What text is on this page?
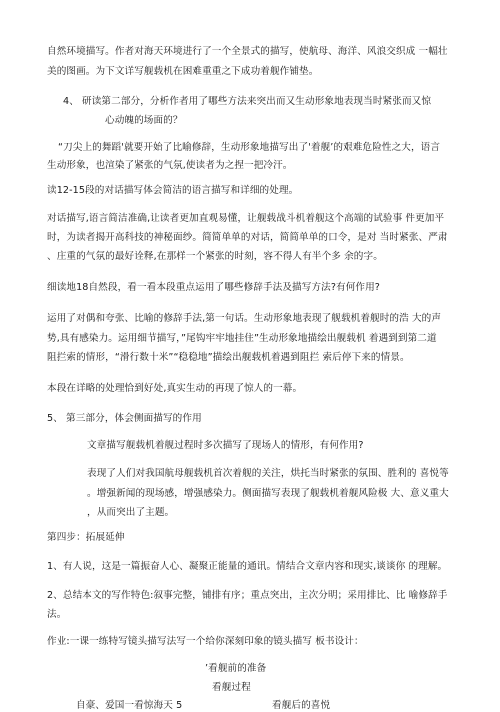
自然环境描写。作者对海天环境进行了一个全景式的描写，使航母、海洋、风浪交织成 一幅壮
美的图画。为下文详写舰载机在困难重重之下成功着舰作铺垫。
4、 研读第二部分，分析作者用了哪些方法来突出而又生动形象地表现当时紧张而又惊
心动魄的场面的？
“刀尖上的舞蹈'就要开始了比喻修辞，生动形象地描写出了'着舰’的艰难危险性之大，语言
生动形象，也渲染了紧张的气氛,使读者为之捏一把冷汗。
读12-15段的对话描写体会简洁的语言描写和详细的处理。
对话描写,语言简洁准确,让读者更加直观易懂，让舰载战斗机着舰这个高端的试验事 件更加平
时，为读者揭开高科技的神秘面纱。简简单单的对话，简简单单的口令，是对 当时紧张、严肃
、庄重的气氛的最好诠释,在那样一个紧张的时刻，容不得人有半个多 余的字。
细读地18自然段，看一看本段重点运用了哪些修辞手法及描写方法?有何作用?
运用了对偶和夸张、比喻的修辞手法,第一句话。生动形象地表现了舰载机着舰时的浩 大的声
势,具有感染力。运用细节描写，”尾钩牢牢地挂住”生动形象地描绘出舰载机 着遇到到第二道
阻拦索的情形，“滑行数十米”“稳稳地”描绘出舰载机着遇到阻拦 索后停下来的情景。
本段在详略的处理恰到好处,真实生动的再现了惊人的一幕。
5、 第三部分，体会侧面描写的作用
文章描写舰载机着舰过程时多次描写了现场人的情形，有何作用?
表现了人们对我国航母舰载机首次着舰的关注，烘托当时紧张的氛围、胜利的 喜悦等
。增强新闻的现场感，增强感染力。侧面描写表现了舰载机着舰风险极 大、意义重大
，从而突出了主题。
第四步：拓展延伸
1、有人说，这是一篇振奋人心、凝聚正能量的通讯。情结合文章内容和现实,谈谈你 的理解。
2、总结本文的写作特色:叙事完整，铺排有序；重点突出，主次分明；采用排比、比 喻修辞手
法。
作业:一课一练特写镜头描写法写一个给你深刻印象的镜头描写 板书设计：
’看舰前的准备
看舰过程
自豪、爱国一看惊海天 5	看舰后的喜悦
